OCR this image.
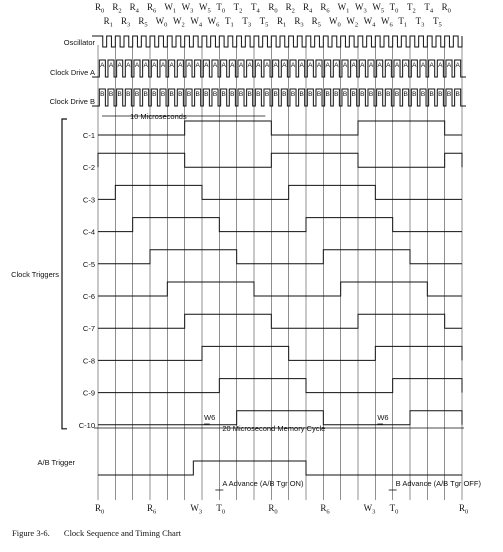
$R_0$ $R_2$ $R_4$ $R_6$ $W_1$ $W_3$ $W_5$ $T_0$ $T_2$ $T_4$ $R_0$ $R_2$ $R_4$ $R_6$ $W_1$ $W_3$ $W_5$ $T_0$ $T_2$ $T_4$ $R_0$
$R_1$ $R_3$ $R_5$ $W_0$ $W_2$ $W_4$ $W_6$ $T_1$ $T_3$ $T_5$ $R_1$ $R_3$ $R_5$ $W_0$ $W_2$ $W_4$ $W_6$ $T_1$ $T_3$ $T_5$
A A A A A A A A A A A A A A A A A A A A A A A A A A A A A A A A A A A A A A A A A A
B B B B B B B B B B B B B B B B B B B B B B B B B B B B B B B B B B B B B B B B B B
Oscillator
Clock Drive A
Clock Drive B
C-1
C-2
C-3
C-4
C-5
C-6
C-7
C-8
C-9
C-10
Clock Triggers
A/B Trigger
10 Microseconds
20 Microsecond Memory Cycle
W6	W6
A Advance (A/B Tgr ON)	B Advance (A/B Tgr OFF)
$R_0$	$R_6$	$W_3$ $T_0$	$R_0$	$R_6$	$W_3$ $T_0$	$R_0$
Figure 3-6. Clock Sequence and Timing Chart
